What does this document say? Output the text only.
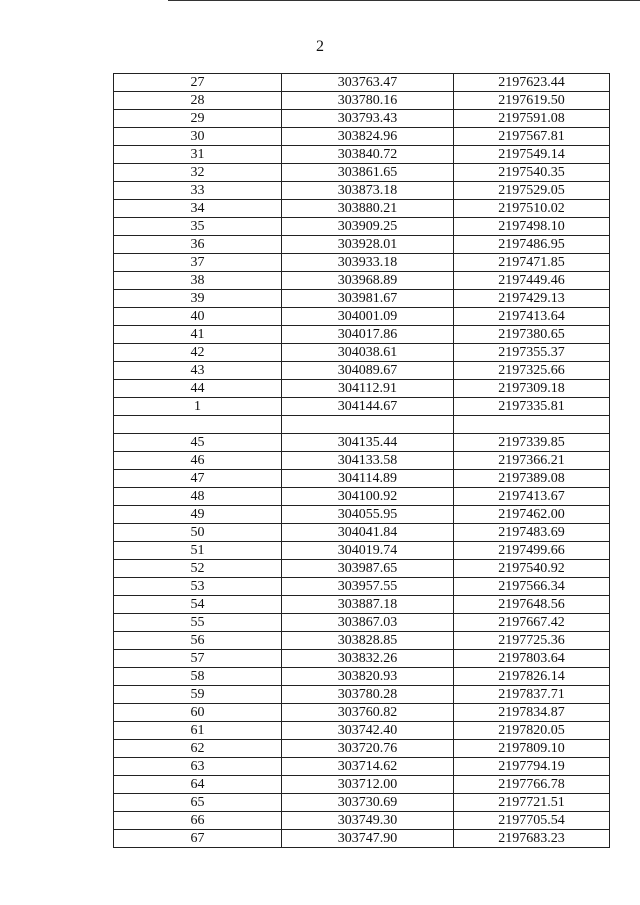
2
27	303763.47	2197623.44
28	303780.16	2197619.50
29	303793.43	2197591.08
30	303824.96	2197567.81
31	303840.72	2197549.14
32	303861.65	2197540.35
33	303873.18	2197529.05
34	303880.21	2197510.02
35	303909.25	2197498.10
36	303928.01	2197486.95
37	303933.18	2197471.85
38	303968.89	2197449.46
39	303981.67	2197429.13
40	304001.09	2197413.64
41	304017.86	2197380.65
42	304038.61	2197355.37
43	304089.67	2197325.66
44	304112.91	2197309.18
1	304144.67	2197335.81

45	304135.44	2197339.85
46	304133.58	2197366.21
47	304114.89	2197389.08
48	304100.92	2197413.67
49	304055.95	2197462.00
50	304041.84	2197483.69
51	304019.74	2197499.66
52	303987.65	2197540.92
53	303957.55	2197566.34
54	303887.18	2197648.56
55	303867.03	2197667.42
56	303828.85	2197725.36
57	303832.26	2197803.64
58	303820.93	2197826.14
59	303780.28	2197837.71
60	303760.82	2197834.87
61	303742.40	2197820.05
62	303720.76	2197809.10
63	303714.62	2197794.19
64	303712.00	2197766.78
65	303730.69	2197721.51
66	303749.30	2197705.54
67	303747.90	2197683.23
